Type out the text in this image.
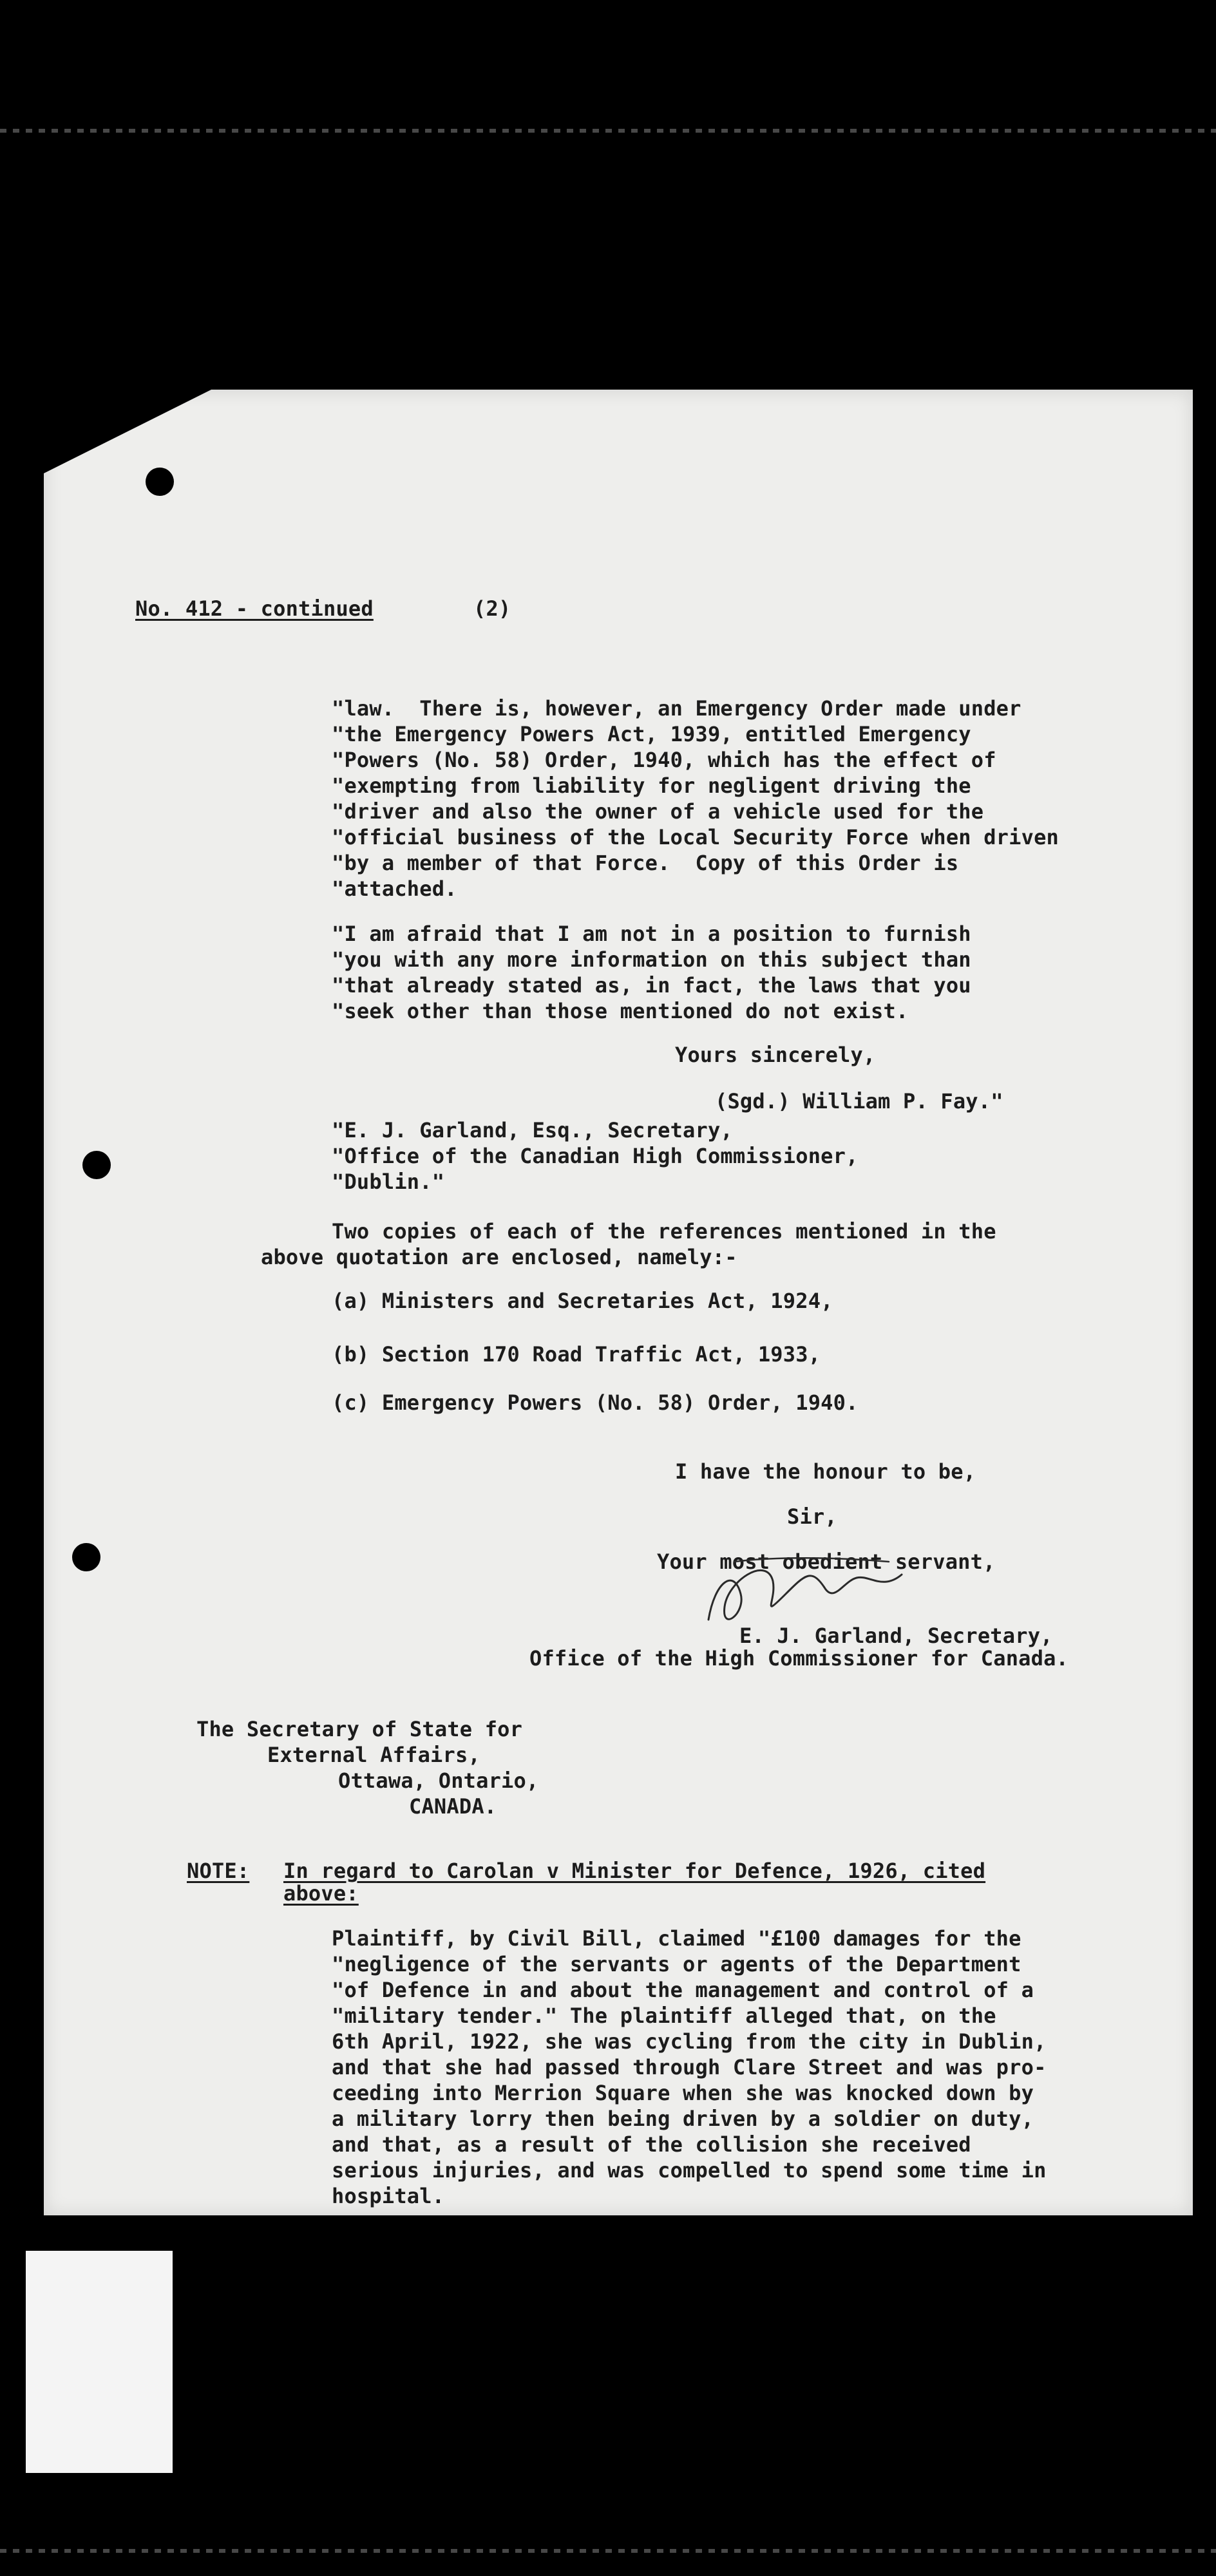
No. 412 - continued	(2)

"law.  There is, however, an Emergency Order made under

"the Emergency Powers Act, 1939, entitled Emergency

"Powers (No. 58) Order, 1940, which has the effect of

"exempting from liability for negligent driving the

"driver and also the owner of a vehicle used for the

"official business of the Local Security Force when driven

"by a member of that Force.  Copy of this Order is

"attached.

"I am afraid that I am not in a position to furnish

"you with any more information on this subject than

"that already stated as, in fact, the laws that you

"seek other than those mentioned do not exist.

Yours sincerely,

(Sgd.) William P. Fay."

"E. J. Garland, Esq., Secretary,

"Office of the Canadian High Commissioner,

"Dublin."

Two copies of each of the references mentioned in the

above quotation are enclosed, namely:-

(a) Ministers and Secretaries Act, 1924,

(b) Section 170 Road Traffic Act, 1933,

(c) Emergency Powers (No. 58) Order, 1940.

I have the honour to be,

Sir,

Your most obedient servant,

E. J. Garland, Secretary,

Office of the High Commissioner for Canada.

The Secretary of State for

External Affairs,

Ottawa, Ontario,

CANADA.

NOTE: In regard to Carolan v Minister for Defence, 1926, cited

above:

Plaintiff, by Civil Bill, claimed "£100 damages for the

"negligence of the servants or agents of the Department

"of Defence in and about the management and control of a

"military tender." The plaintiff alleged that, on the

6th April, 1922, she was cycling from the city in Dublin,

and that she had passed through Clare Street and was pro-

ceeding into Merrion Square when she was knocked down by

a military lorry then being driven by a soldier on duty,

and that, as a result of the collision she received

serious injuries, and was compelled to spend some time in

hospital.
